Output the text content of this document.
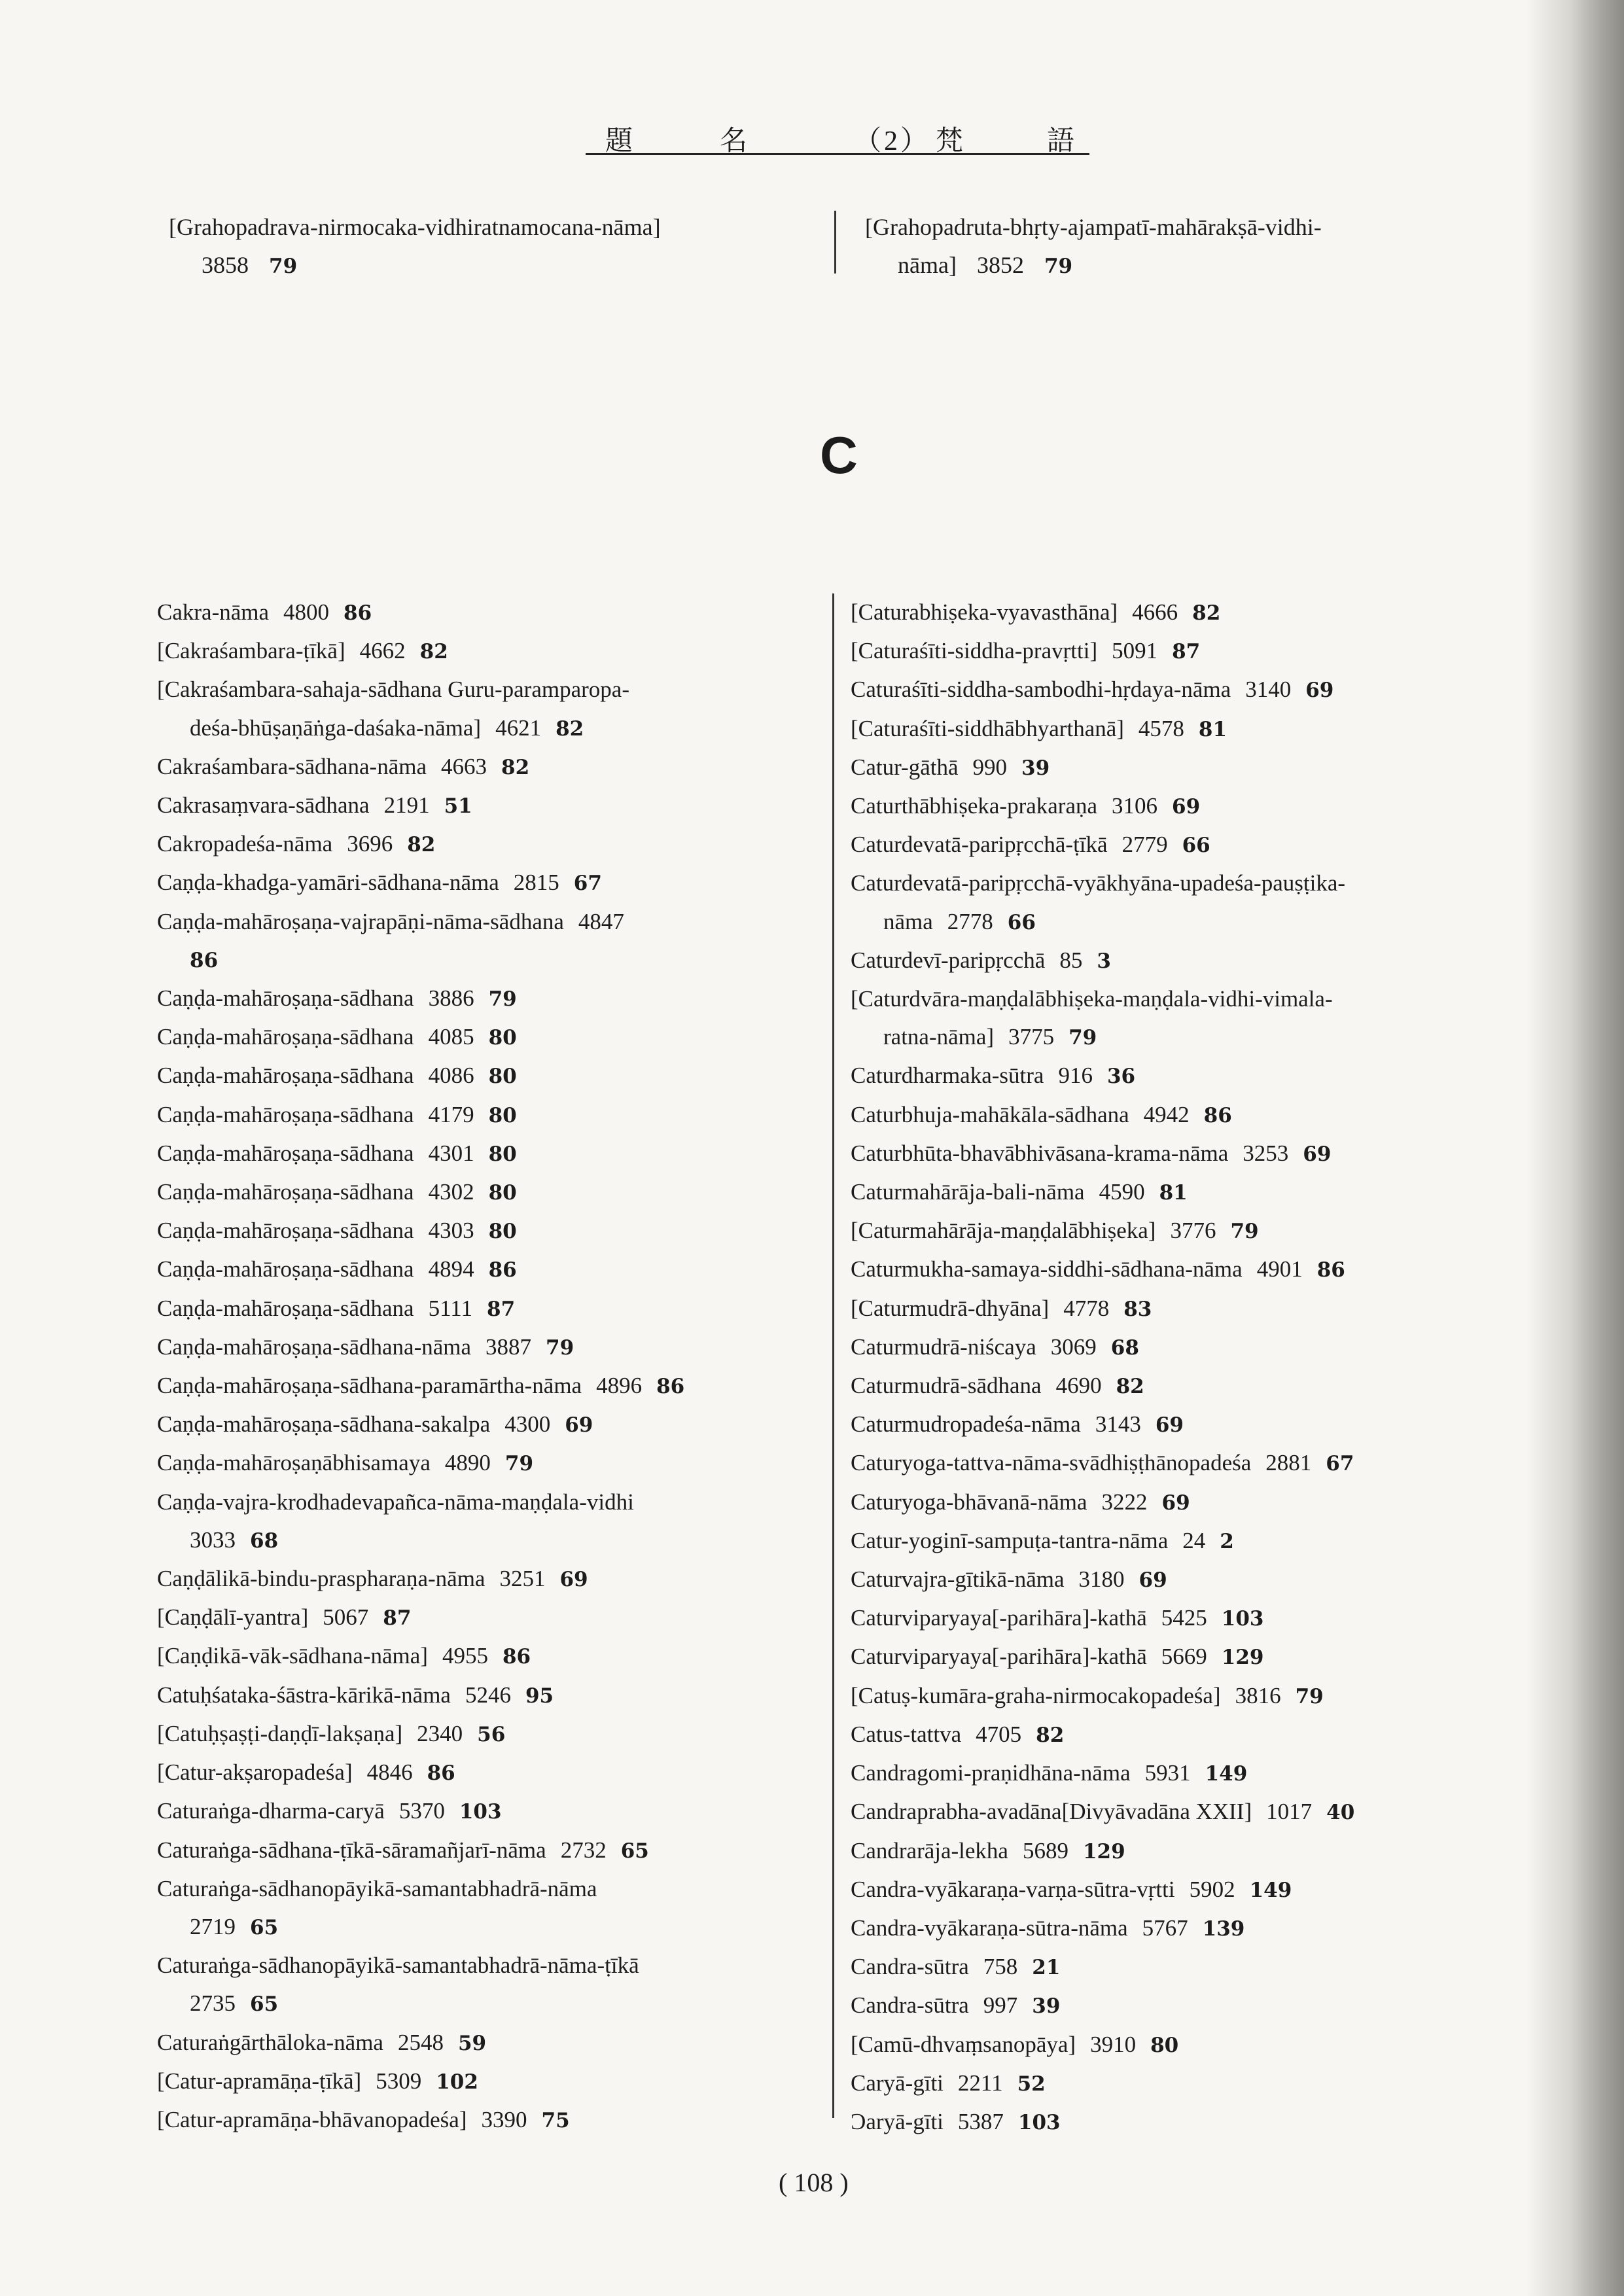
題	名	（2） 梵	語
[Grahopadrava-nirmocaka-vidhiratnamocana-nāma]
3858 79
[Grahopadruta-bhṛty-ajampatī-mahārakṣā-vidhi-
nāma] 3852 79
C
Cakra-nāma 4800 86
[Cakraśambara-ṭīkā] 4662 82
[Cakraśambara-sahaja-sādhana Guru-paramparopa-
deśa-bhūṣaṇāṅga-daśaka-nāma] 4621 82
Cakraśambara-sādhana-nāma 4663 82
Cakrasaṃvara-sādhana 2191 51
Cakropadeśa-nāma 3696 82
Caṇḍa-khadga-yamāri-sādhana-nāma 2815 67
Caṇḍa-mahāroṣaṇa-vajrapāṇi-nāma-sādhana 4847
86
Caṇḍa-mahāroṣaṇa-sādhana 3886 79
Caṇḍa-mahāroṣaṇa-sādhana 4085 80
Caṇḍa-mahāroṣaṇa-sādhana 4086 80
Caṇḍa-mahāroṣaṇa-sādhana 4179 80
Caṇḍa-mahāroṣaṇa-sādhana 4301 80
Caṇḍa-mahāroṣaṇa-sādhana 4302 80
Caṇḍa-mahāroṣaṇa-sādhana 4303 80
Caṇḍa-mahāroṣaṇa-sādhana 4894 86
Caṇḍa-mahāroṣaṇa-sādhana 5111 87
Caṇḍa-mahāroṣaṇa-sādhana-nāma 3887 79
Caṇḍa-mahāroṣaṇa-sādhana-paramārtha-nāma 4896 86
Caṇḍa-mahāroṣaṇa-sādhana-sakalpa 4300 69
Caṇḍa-mahāroṣaṇābhisamaya 4890 79
Caṇḍa-vajra-krodhadevapañca-nāma-maṇḍala-vidhi
3033 68
Caṇḍālikā-bindu-praspharaṇa-nāma 3251 69
[Caṇḍālī-yantra] 5067 87
[Caṇḍikā-vāk-sādhana-nāma] 4955 86
Catuḥśataka-śāstra-kārikā-nāma 5246 95
[Catuḥṣaṣṭi-daṇḍī-lakṣaṇa] 2340 56
[Catur-akṣaropadeśa] 4846 86
Caturaṅga-dharma-caryā 5370 103
Caturaṅga-sādhana-ṭīkā-sāramañjarī-nāma 2732 65
Caturaṅga-sādhanopāyikā-samantabhadrā-nāma
2719 65
Caturaṅga-sādhanopāyikā-samantabhadrā-nāma-ṭīkā
2735 65
Caturaṅgārthāloka-nāma 2548 59
[Catur-apramāṇa-ṭīkā] 5309 102
[Catur-apramāṇa-bhāvanopadeśa] 3390 75
[Caturabhiṣeka-vyavasthāna] 4666 82
[Caturaśīti-siddha-pravṛtti] 5091 87
Caturaśīti-siddha-sambodhi-hṛdaya-nāma 3140 69
[Caturaśīti-siddhābhyarthanā] 4578 81
Catur-gāthā 990 39
Caturthābhiṣeka-prakaraṇa 3106 69
Caturdevatā-paripṛcchā-ṭīkā 2779 66
Caturdevatā-paripṛcchā-vyākhyāna-upadeśa-pauṣṭika-
nāma 2778 66
Caturdevī-paripṛcchā 85 3
[Caturdvāra-maṇḍalābhiṣeka-maṇḍala-vidhi-vimala-
ratna-nāma] 3775 79
Caturdharmaka-sūtra 916 36
Caturbhuja-mahākāla-sādhana 4942 86
Caturbhūta-bhavābhivāsana-krama-nāma 3253 69
Caturmahārāja-bali-nāma 4590 81
[Caturmahārāja-maṇḍalābhiṣeka] 3776 79
Caturmukha-samaya-siddhi-sādhana-nāma 4901 86
[Caturmudrā-dhyāna] 4778 83
Caturmudrā-niścaya 3069 68
Caturmudrā-sādhana 4690 82
Caturmudropadeśa-nāma 3143 69
Caturyoga-tattva-nāma-svādhiṣṭhānopadeśa 2881 67
Caturyoga-bhāvanā-nāma 3222 69
Catur-yoginī-sampuṭa-tantra-nāma 24 2
Caturvajra-gītikā-nāma 3180 69
Caturviparyaya[-parihāra]-kathā 5425 103
Caturviparyaya[-parihāra]-kathā 5669 129
[Catuṣ-kumāra-graha-nirmocakopadeśa] 3816 79
Catus-tattva 4705 82
Candragomi-praṇidhāna-nāma 5931 149
Candraprabha-avadāna[Divyāvadāna XXII] 1017 40
Candrarāja-lekha 5689 129
Candra-vyākaraṇa-varṇa-sūtra-vṛtti 5902 149
Candra-vyākaraṇa-sūtra-nāma 5767 139
Candra-sūtra 758 21
Candra-sūtra 997 39
[Camū-dhvaṃsanopāya] 3910 80
Caryā-gīti 2211 52
Ɔaryā-gīti 5387 103
( 108 )
